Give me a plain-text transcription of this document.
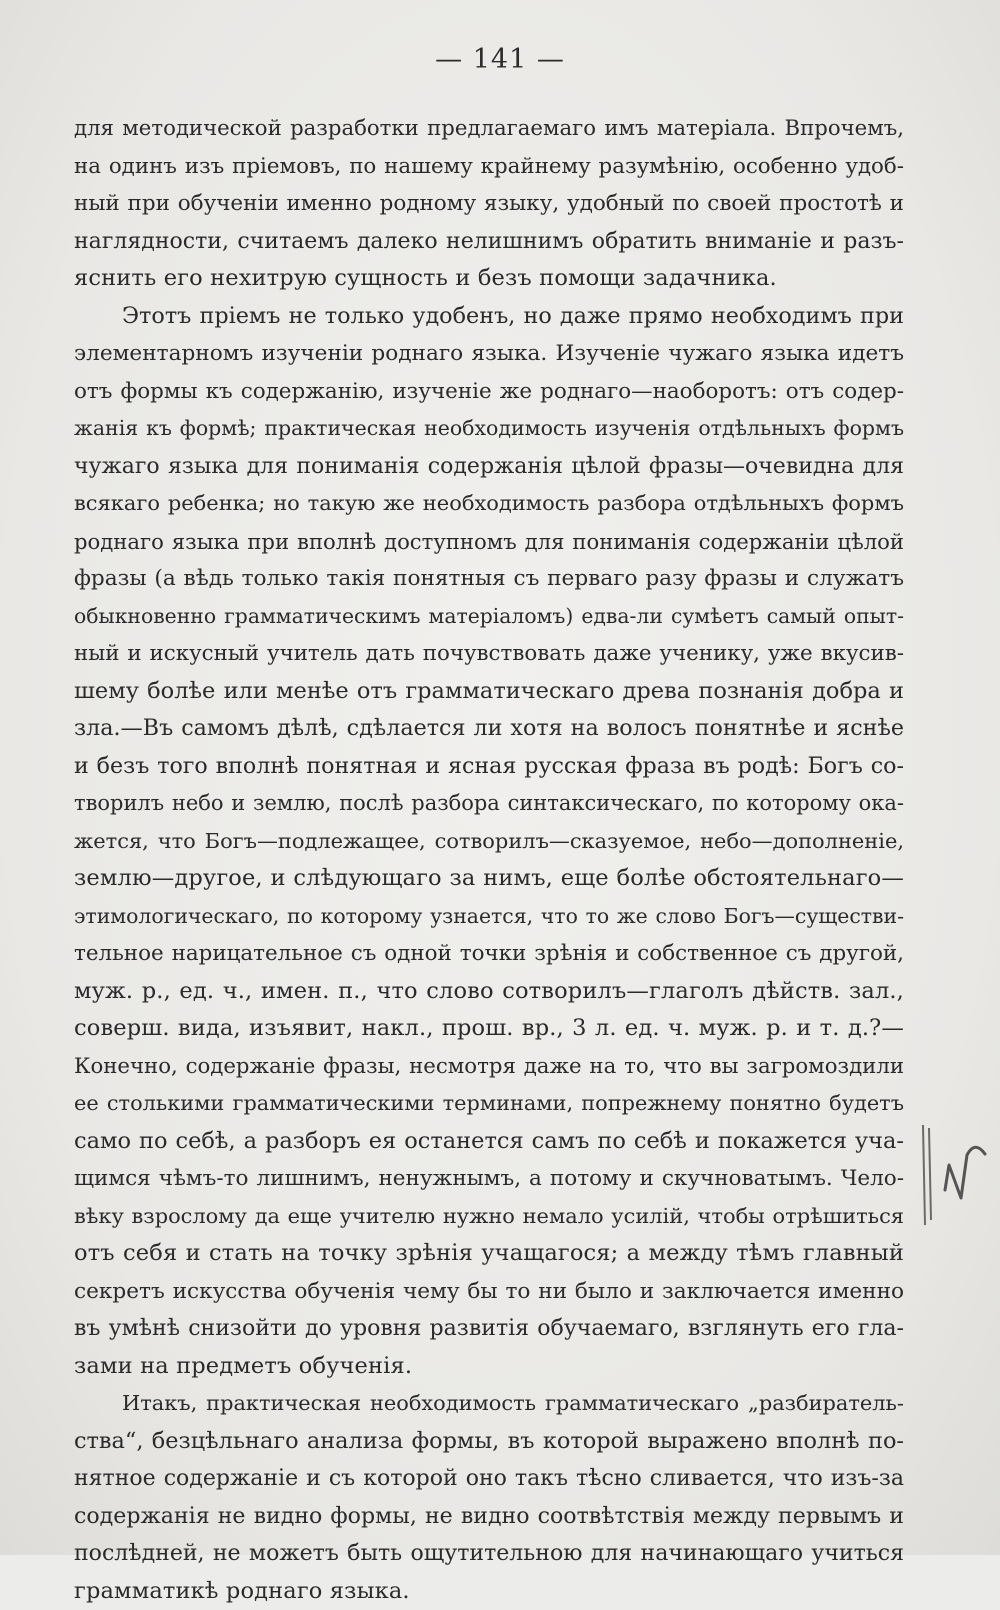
— 141 —
для методической разработки предлагаемаго имъ матеріала. Впрочемъ,
на одинъ изъ пріемовъ, по нашему крайнему разумѣнію, особенно удоб-
ный при обученіи именно родному языку, удобный по своей простотѣ и
наглядности, считаемъ далеко нелишнимъ обратить вниманіе и разъ-
яснить его нехитрую сущность и безъ помощи задачника.
Этотъ пріемъ не только удобенъ, но даже прямо необходимъ при
элементарномъ изученіи роднаго языка. Изученіе чужаго языка идетъ
отъ формы къ содержанію, изученіе же роднаго—наоборотъ: отъ содер-
жанія къ формѣ; практическая необходимость изученія отдѣльныхъ формъ
чужаго языка для пониманія содержанія цѣлой фразы—очевидна для
всякаго ребенка; но такую же необходимость разбора отдѣльныхъ формъ
роднаго языка при вполнѣ доступномъ для пониманія содержаніи цѣлой
фразы (а вѣдь только такія понятныя съ перваго разу фразы и служатъ
обыкновенно грамматическимъ матеріаломъ) едва-ли сумѣетъ самый опыт-
ный и искусный учитель дать почувствовать даже ученику, уже вкусив-
шему болѣе или менѣе отъ грамматическаго древа познанія добра и
зла.—Въ самомъ дѣлѣ, сдѣлается ли хотя на волосъ понятнѣе и яснѣе
и безъ того вполнѣ понятная и ясная русская фраза въ родѣ: Богъ со-
творилъ небо и землю, послѣ разбора синтаксическаго, по которому ока-
жется, что Богъ—подлежащее, сотворилъ—сказуемое, небо—дополненіе,
землю—другое, и слѣдующаго за нимъ, еще болѣе обстоятельнаго—
этимологическаго, по которому узнается, что то же слово Богъ—существи-
тельное нарицательное съ одной точки зрѣнія и собственное съ другой,
муж. р., ед. ч., имен. п., что слово сотворилъ—глаголъ дѣйств. зал.,
соверш. вида, изъявит, накл., прош. вр., 3 л. ед. ч. муж. р. и т. д.?—
Конечно, содержаніе фразы, несмотря даже на то, что вы загромоздили
ее столькими грамматическими терминами, попрежнему понятно будетъ
само по себѣ, а разборъ ея останется самъ по себѣ и покажется уча-
щимся чѣмъ-то лишнимъ, ненужнымъ, а потому и скучноватымъ. Чело-
вѣку взрослому да еще учителю нужно немало усилій, чтобы отрѣшиться
отъ себя и стать на точку зрѣнія учащагося; а между тѣмъ главный
секретъ искусства обученія чему бы то ни было и заключается именно
въ умѣнѣ снизойти до уровня развитія обучаемаго, взглянуть его гла-
зами на предметъ обученія.
Итакъ, практическая необходимость грамматическаго „разбиратель-
ства“, безцѣльнаго анализа формы, въ которой выражено вполнѣ по-
нятное содержаніе и съ которой оно такъ тѣсно сливается, что изъ-за
содержанія не видно формы, не видно соотвѣтствія между первымъ и
послѣдней, не можетъ быть ощутительною для начинающаго учиться
грамматикѣ роднаго языка.
